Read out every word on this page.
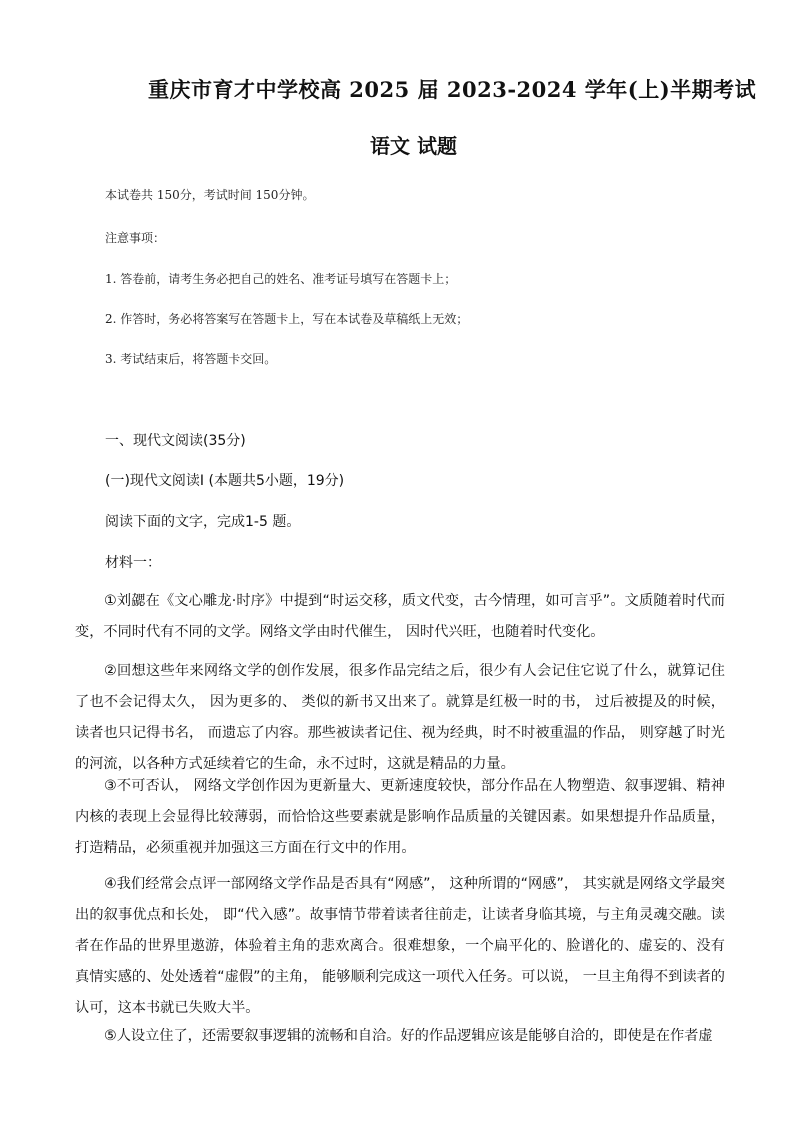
重庆市育才中学校高 2025 届 2023-2024 学年(上)半期考试
语文 试题
本试卷共 150分，考试时间 150分钟。
注意事项：
1. 答卷前，请考生务必把自己的姓名、准考证号填写在答题卡上；
2. 作答时，务必将答案写在答题卡上，写在本试卷及草稿纸上无效；
3. 考试结束后，将答题卡交回。
一、现代文阅读(35分)
(一)现代文阅读Ⅰ (本题共5小题，19分)
阅读下面的文字，完成1-5 题。
材料一：

①刘勰在《文心雕龙·时序》中提到“时运交移，质文代变，古今情理，如可言乎”。文质随着时代而变，不同时代有不同的文学。网络文学由时代催生， 因时代兴旺，也随着时代变化。

②回想这些年来网络文学的创作发展，很多作品完结之后，很少有人会记住它说了什么，就算记住了也不会记得太久， 因为更多的、 类似的新书又出来了。就算是红极一时的书， 过后被提及的时候，读者也只记得书名， 而遗忘了内容。那些被读者记住、视为经典，时不时被重温的作品， 则穿越了时光的河流，以各种方式延续着它的生命，永不过时，这就是精品的力量。

③不可否认， 网络文学创作因为更新量大、更新速度较快，部分作品在人物塑造、叙事逻辑、精神内核的表现上会显得比较薄弱，而恰恰这些要素就是影响作品质量的关键因素。如果想提升作品质量，打造精品，必须重视并加强这三方面在行文中的作用。

④我们经常会点评一部网络文学作品是否具有“网感”， 这种所谓的“网感”， 其实就是网络文学最突出的叙事优点和长处， 即“代入感”。故事情节带着读者往前走，让读者身临其境，与主角灵魂交融。读者在作品的世界里遨游，体验着主角的悲欢离合。很难想象，一个扁平化的、脸谱化的、虚妄的、没有真情实感的、处处透着“虚假”的主角， 能够顺利完成这一项代入任务。可以说， 一旦主角得不到读者的认可，这本书就已失败大半。

⑤人设立住了，还需要叙事逻辑的流畅和自洽。好的作品逻辑应该是能够自洽的，即使是在作者虚
